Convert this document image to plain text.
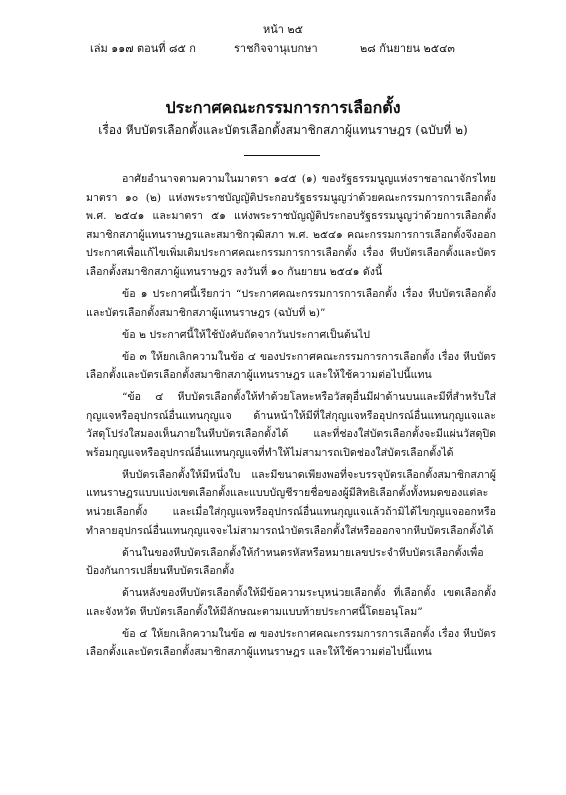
หน้า ๒๕
เล่ม ๑๑๗ ตอนที่ ๘๕ ก	ราชกิจจานุเบกษา	๒๘ กันยายน ๒๕๔๓
ประกาศคณะกรรมการการเลือกตั้ง
เรื่อง หีบบัตรเลือกตั้งและบัตรเลือกตั้งสมาชิกสภาผู้แทนราษฎร (ฉบับที่ ๒)

อาศัยอำนาจตามความในมาตรา ๑๔๕ (๑) ของรัฐธรรมนูญแห่งราชอาณาจักรไทย มาตรา ๑๐ (๒) แห่งพระราชบัญญัติประกอบรัฐธรรมนูญว่าด้วยคณะกรรมการการเลือกตั้ง พ.ศ. ๒๕๔๑ และมาตรา ๕๑ แห่งพระราชบัญญัติประกอบรัฐธรรมนูญว่าด้วยการเลือกตั้งสมาชิกสภาผู้แทนราษฎรและสมาชิกวุฒิสภา พ.ศ. ๒๕๔๑ คณะกรรมการการเลือกตั้งจึงออกประกาศเพื่อแก้ไขเพิ่มเติมประกาศคณะกรรมการการเลือกตั้ง เรื่อง หีบบัตรเลือกตั้งและบัตรเลือกตั้งสมาชิกสภาผู้แทนราษฎร ลงวันที่ ๑๐ กันยายน ๒๕๔๑ ดังนี้

ข้อ ๑ ประกาศนี้เรียกว่า “ประกาศคณะกรรมการการเลือกตั้ง เรื่อง หีบบัตรเลือกตั้งและบัตรเลือกตั้งสมาชิกสภาผู้แทนราษฎร (ฉบับที่ ๒)”

ข้อ ๒ ประกาศนี้ให้ใช้บังคับถัดจากวันประกาศเป็นต้นไป

ข้อ ๓ ให้ยกเลิกความในข้อ ๔ ของประกาศคณะกรรมการการเลือกตั้ง เรื่อง หีบบัตรเลือกตั้งและบัตรเลือกตั้งสมาชิกสภาผู้แทนราษฎร และให้ใช้ความต่อไปนี้แทน

“ข้อ ๔ หีบบัตรเลือกตั้งให้ทำด้วยโลหะหรือวัสดุอื่นมีฝาด้านบนและมีที่สำหรับใส่กุญแจหรืออุปกรณ์อื่นแทนกุญแจ ด้านหน้าให้มีที่ใส่กุญแจหรืออุปกรณ์อื่นแทนกุญแจและวัสดุโปร่งใสมองเห็นภายในหีบบัตรเลือกตั้งได้ และที่ช่องใส่บัตรเลือกตั้งจะมีแผ่นวัสดุปิดพร้อมกุญแจหรืออุปกรณ์อื่นแทนกุญแจที่ทำให้ไม่สามารถเปิดช่องใส่บัตรเลือกตั้งได้

หีบบัตรเลือกตั้งให้มีหนึ่งใบ และมีขนาดเพียงพอที่จะบรรจุบัตรเลือกตั้งสมาชิกสภาผู้แทนราษฎรแบบแบ่งเขตเลือกตั้งและแบบบัญชีรายชื่อของผู้มีสิทธิเลือกตั้งทั้งหมดของแต่ละหน่วยเลือกตั้ง และเมื่อใส่กุญแจหรืออุปกรณ์อื่นแทนกุญแจแล้วถ้ามิได้ไขกุญแจออกหรือทำลายอุปกรณ์อื่นแทนกุญแจจะไม่สามารถนำบัตรเลือกตั้งใส่หรือออกจากหีบบัตรเลือกตั้งได้

ด้านในของหีบบัตรเลือกตั้งให้กำหนดรหัสหรือหมายเลขประจำหีบบัตรเลือกตั้งเพื่อป้องกันการเปลี่ยนหีบบัตรเลือกตั้ง

ด้านหลังของหีบบัตรเลือกตั้งให้มีข้อความระบุหน่วยเลือกตั้ง ที่เลือกตั้ง เขตเลือกตั้ง และจังหวัด หีบบัตรเลือกตั้งให้มีลักษณะตามแบบท้ายประกาศนี้โดยอนุโลม”

ข้อ ๔ ให้ยกเลิกความในข้อ ๗ ของประกาศคณะกรรมการการเลือกตั้ง เรื่อง หีบบัตรเลือกตั้งและบัตรเลือกตั้งสมาชิกสภาผู้แทนราษฎร และให้ใช้ความต่อไปนี้แทน
